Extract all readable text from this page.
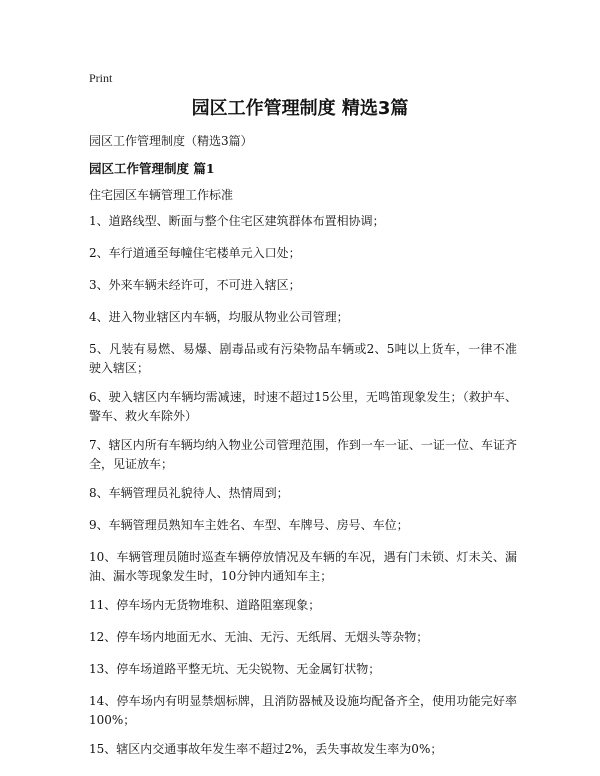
Print
园区工作管理制度 精选3篇
园区工作管理制度（精选3篇）
园区工作管理制度 篇1
住宅园区车辆管理工作标准
1、道路线型、断面与整个住宅区建筑群体布置相协调；
2、车行道通至每幢住宅楼单元入口处；
3、外来车辆未经许可，不可进入辖区；
4、进入物业辖区内车辆，均服从物业公司管理；
5、凡装有易燃、易爆、剧毒品或有污染物品车辆或2、5吨以上货车，一律不准驶入辖区；
6、驶入辖区内车辆均需减速，时速不超过15公里，无鸣笛现象发生；（救护车、警车、救火车除外）
7、辖区内所有车辆均纳入物业公司管理范围，作到一车一证、一证一位、车证齐全，见证放车；
8、车辆管理员礼貌待人、热情周到；
9、车辆管理员熟知车主姓名、车型、车牌号、房号、车位；
10、车辆管理员随时巡查车辆停放情况及车辆的车况，遇有门未锁、灯未关、漏油、漏水等现象发生时，10分钟内通知车主；
11、停车场内无货物堆积、道路阻塞现象；
12、停车场内地面无水、无油、无污、无纸屑、无烟头等杂物；
13、停车场道路平整无坑、无尖锐物、无金属钉状物；
14、停车场内有明显禁烟标牌，且消防器械及设施均配备齐全，使用功能完好率100%；
15、辖区内交通事故年发生率不超过2%，丢失事故发生率为0%；
